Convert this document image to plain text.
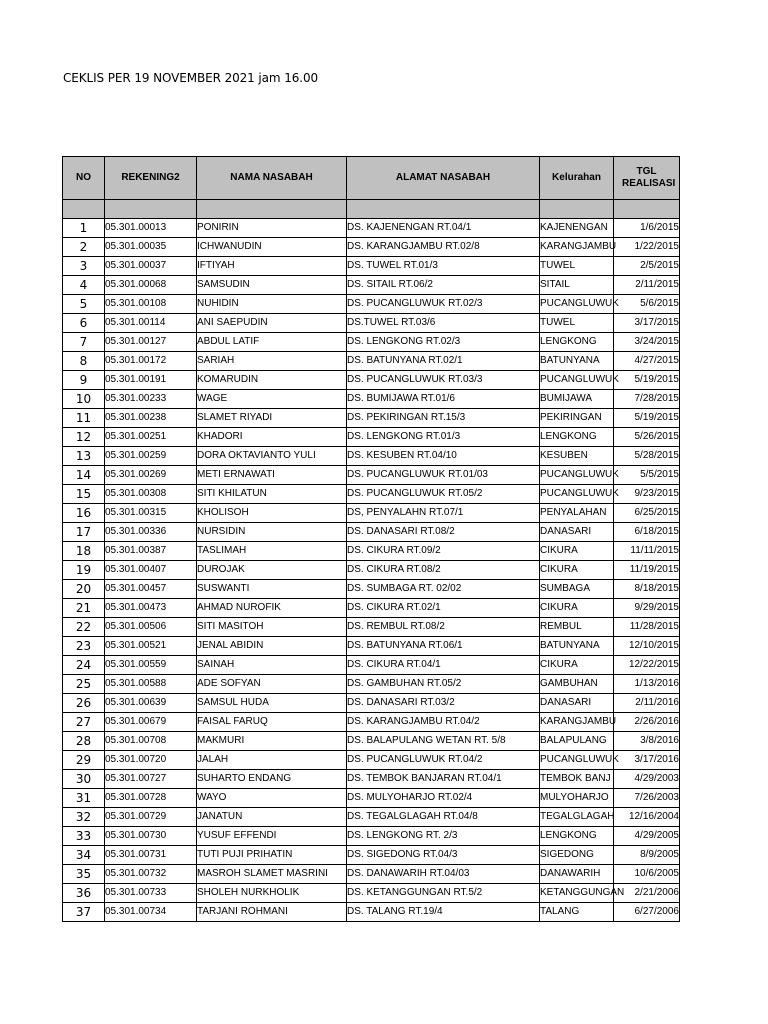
CEKLIS PER 19 NOVEMBER 2021 jam 16.00
NO	REKENING2	NAMA NASABAH	ALAMAT NASABAH	Kelurahan	TGL REALISASI

1	05.301.00013	PONIRIN	DS. KAJENENGAN RT.04/1	KAJENENGAN	1/6/2015
2	05.301.00035	ICHWANUDIN	DS. KARANGJAMBU RT.02/8	KARANGJAMBU	1/22/2015
3	05.301.00037	IFTIYAH	DS. TUWEL RT.01/3	TUWEL	2/5/2015
4	05.301.00068	SAMSUDIN	DS. SITAIL RT.06/2	SITAIL	2/11/2015
5	05.301.00108	NUHIDIN	DS. PUCANGLUWUK RT.02/3	PUCANGLUWUK	5/6/2015
6	05.301.00114	ANI SAEPUDIN	DS.TUWEL RT.03/6	TUWEL	3/17/2015
7	05.301.00127	ABDUL LATIF	DS. LENGKONG RT.02/3	LENGKONG	3/24/2015
8	05.301.00172	SARIAH	DS. BATUNYANA RT.02/1	BATUNYANA	4/27/2015
9	05.301.00191	KOMARUDIN	DS. PUCANGLUWUK RT.03/3	PUCANGLUWUK	5/19/2015
10	05.301.00233	WAGE	DS. BUMIJAWA RT.01/6	BUMIJAWA	7/28/2015
11	05.301.00238	SLAMET RIYADI	DS. PEKIRINGAN RT.15/3	PEKIRINGAN	5/19/2015
12	05.301.00251	KHADORI	DS. LENGKONG RT.01/3	LENGKONG	5/26/2015
13	05.301.00259	DORA OKTAVIANTO YULI	DS. KESUBEN RT.04/10	KESUBEN	5/28/2015
14	05.301.00269	METI ERNAWATI	DS. PUCANGLUWUK RT.01/03	PUCANGLUWUK	5/5/2015
15	05.301.00308	SITI KHILATUN	DS. PUCANGLUWUK RT.05/2	PUCANGLUWUK	9/23/2015
16	05.301.00315	KHOLISOH	DS, PENYALAHN RT.07/1	PENYALAHAN	6/25/2015
17	05.301.00336	NURSIDIN	DS. DANASARI RT.08/2	DANASARI	6/18/2015
18	05.301.00387	TASLIMAH	DS. CIKURA RT.09/2	CIKURA	11/11/2015
19	05.301.00407	DUROJAK	DS. CIKURA RT.08/2	CIKURA	11/19/2015
20	05.301.00457	SUSWANTI	DS. SUMBAGA RT. 02/02	SUMBAGA	8/18/2015
21	05.301.00473	AHMAD NUROFIK	DS. CIKURA RT.02/1	CIKURA	9/29/2015
22	05.301.00506	SITI MASITOH	DS. REMBUL RT.08/2	REMBUL	11/28/2015
23	05.301.00521	JENAL ABIDIN	DS. BATUNYANA RT.06/1	BATUNYANA	12/10/2015
24	05.301.00559	SAINAH	DS. CIKURA RT.04/1	CIKURA	12/22/2015
25	05.301.00588	ADE SOFYAN	DS. GAMBUHAN RT.05/2	GAMBUHAN	1/13/2016
26	05.301.00639	SAMSUL HUDA	DS. DANASARI RT.03/2	DANASARI	2/11/2016
27	05.301.00679	FAISAL FARUQ	DS. KARANGJAMBU RT.04/2	KARANGJAMBU	2/26/2016
28	05.301.00708	MAKMURI	DS. BALAPULANG WETAN RT. 5/8	BALAPULANG	3/8/2016
29	05.301.00720	JALAH	DS. PUCANGLUWUK RT.04/2	PUCANGLUWUK	3/17/2016
30	05.301.00727	SUHARTO ENDANG	DS. TEMBOK BANJARAN RT.04/1	TEMBOK BANJ	4/29/2003
31	05.301.00728	WAYO	DS. MULYOHARJO RT.02/4	MULYOHARJO	7/26/2003
32	05.301.00729	JANATUN	DS. TEGALGLAGAH RT.04/8	TEGALGLAGAH	12/16/2004
33	05.301.00730	YUSUF EFFENDI	DS. LENGKONG RT. 2/3	LENGKONG	4/29/2005
34	05.301.00731	TUTI PUJI PRIHATIN	DS. SIGEDONG RT.04/3	SIGEDONG	8/9/2005
35	05.301.00732	MASROH SLAMET MASRINI	DS. DANAWARIH RT.04/03	DANAWARIH	10/6/2005
36	05.301.00733	SHOLEH NURKHOLIK	DS. KETANGGUNGAN RT.5/2	KETANGGUNGAN	2/21/2006
37	05.301.00734	TARJANI ROHMANI	DS. TALANG RT.19/4	TALANG	6/27/2006
